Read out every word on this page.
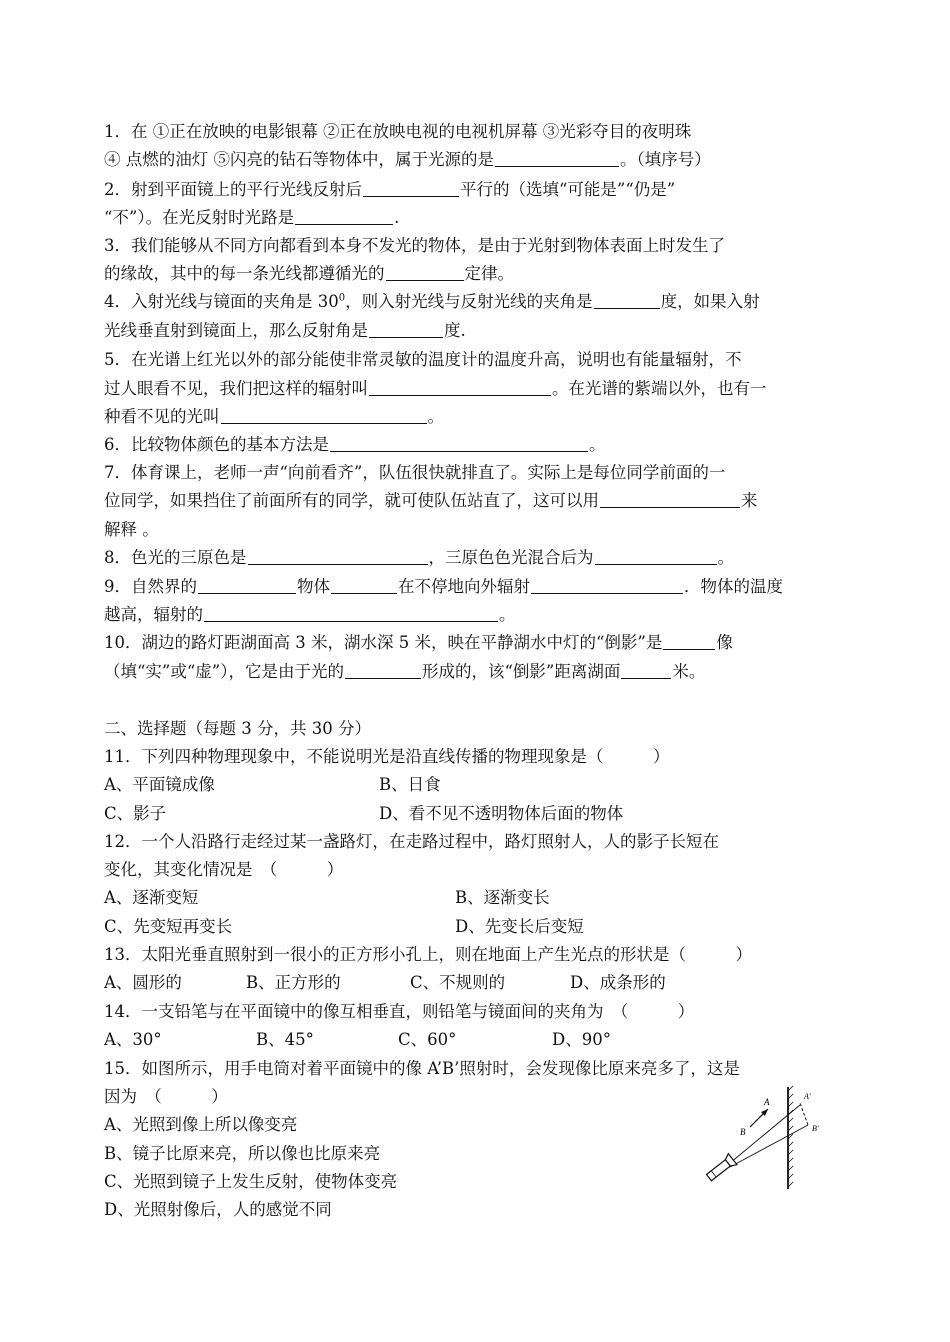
1．在 ①正在放映的电影银幕 ②正在放映电视的电视机屏幕 ③光彩夺目的夜明珠
④ 点燃的油灯 ⑤闪亮的钻石等物体中，属于光源的是	。（填序号）
2．射到平面镜上的平行光线反射后	平行的（选填“可能是”“仍是”
“不”）。在光反射时光路是	.
3．我们能够从不同方向都看到本身不发光的物体，是由于光射到物体表面上时发生了
的缘故，其中的每一条光线都遵循光的	定律。
4．入射光线与镜面的夹角是 $30^0$，则入射光线与反射光线的夹角是	度，如果入射
光线垂直射到镜面上，那么反射角是	度.
5．在光谱上红光以外的部分能使非常灵敏的温度计的温度升高，说明也有能量辐射，不
过人眼看不见，我们把这样的辐射叫	。在光谱的紫端以外，也有一
种看不见的光叫	。
6．比较物体颜色的基本方法是	。
7．体育课上，老师一声“向前看齐”，队伍很快就排直了。实际上是每位同学前面的一
位同学，如果挡住了前面所有的同学，就可使队伍站直了，这可以用	来
解释 。
8．色光的三原色是	，三原色色光混合后为	。
9．自然界的	物体	在不停地向外辐射	．物体的温度
越高，辐射的	。
10．湖边的路灯距湖面高 3 米，湖水深 5 米，映在平静湖水中灯的“倒影”是	像
（填“实”或“虚”），它是由于光的	形成的，该“倒影”距离湖面	米。
二、选择题（每题 3 分，共 30 分）
11．下列四种物理现象中，不能说明光是沿直线传播的物理现象是（　　　）
A、平面镜成像	B、日食
C、影子	D、看不见不透明物体后面的物体
12．一个人沿路行走经过某一盏路灯，在走路过程中，路灯照射人，人的影子长短在
变化，其变化情况是　（　　　）
A、逐渐变短	B、逐渐变长
C、先变短再变长	D、先变长后变短
13．太阳光垂直照射到一很小的正方形小孔上，则在地面上产生光点的形状是（　　　）
A、圆形的	B、正方形的	C、不规则的	D、成条形的
14．一支铅笔与在平面镜中的像互相垂直，则铅笔与镜面间的夹角为　（　　　）
A、30°	B、45°	C、60°	D、90°
15．如图所示，用手电筒对着平面镜中的像 A’B’照射时，会发现像比原来亮多了，这是
因为　（　　　）
A、光照到像上所以像变亮
B、镜子比原来亮，所以像也比原来亮
C、光照到镜子上发生反射，使物体变亮
D、光照射像后，人的感觉不同
A
B
A'
B'
